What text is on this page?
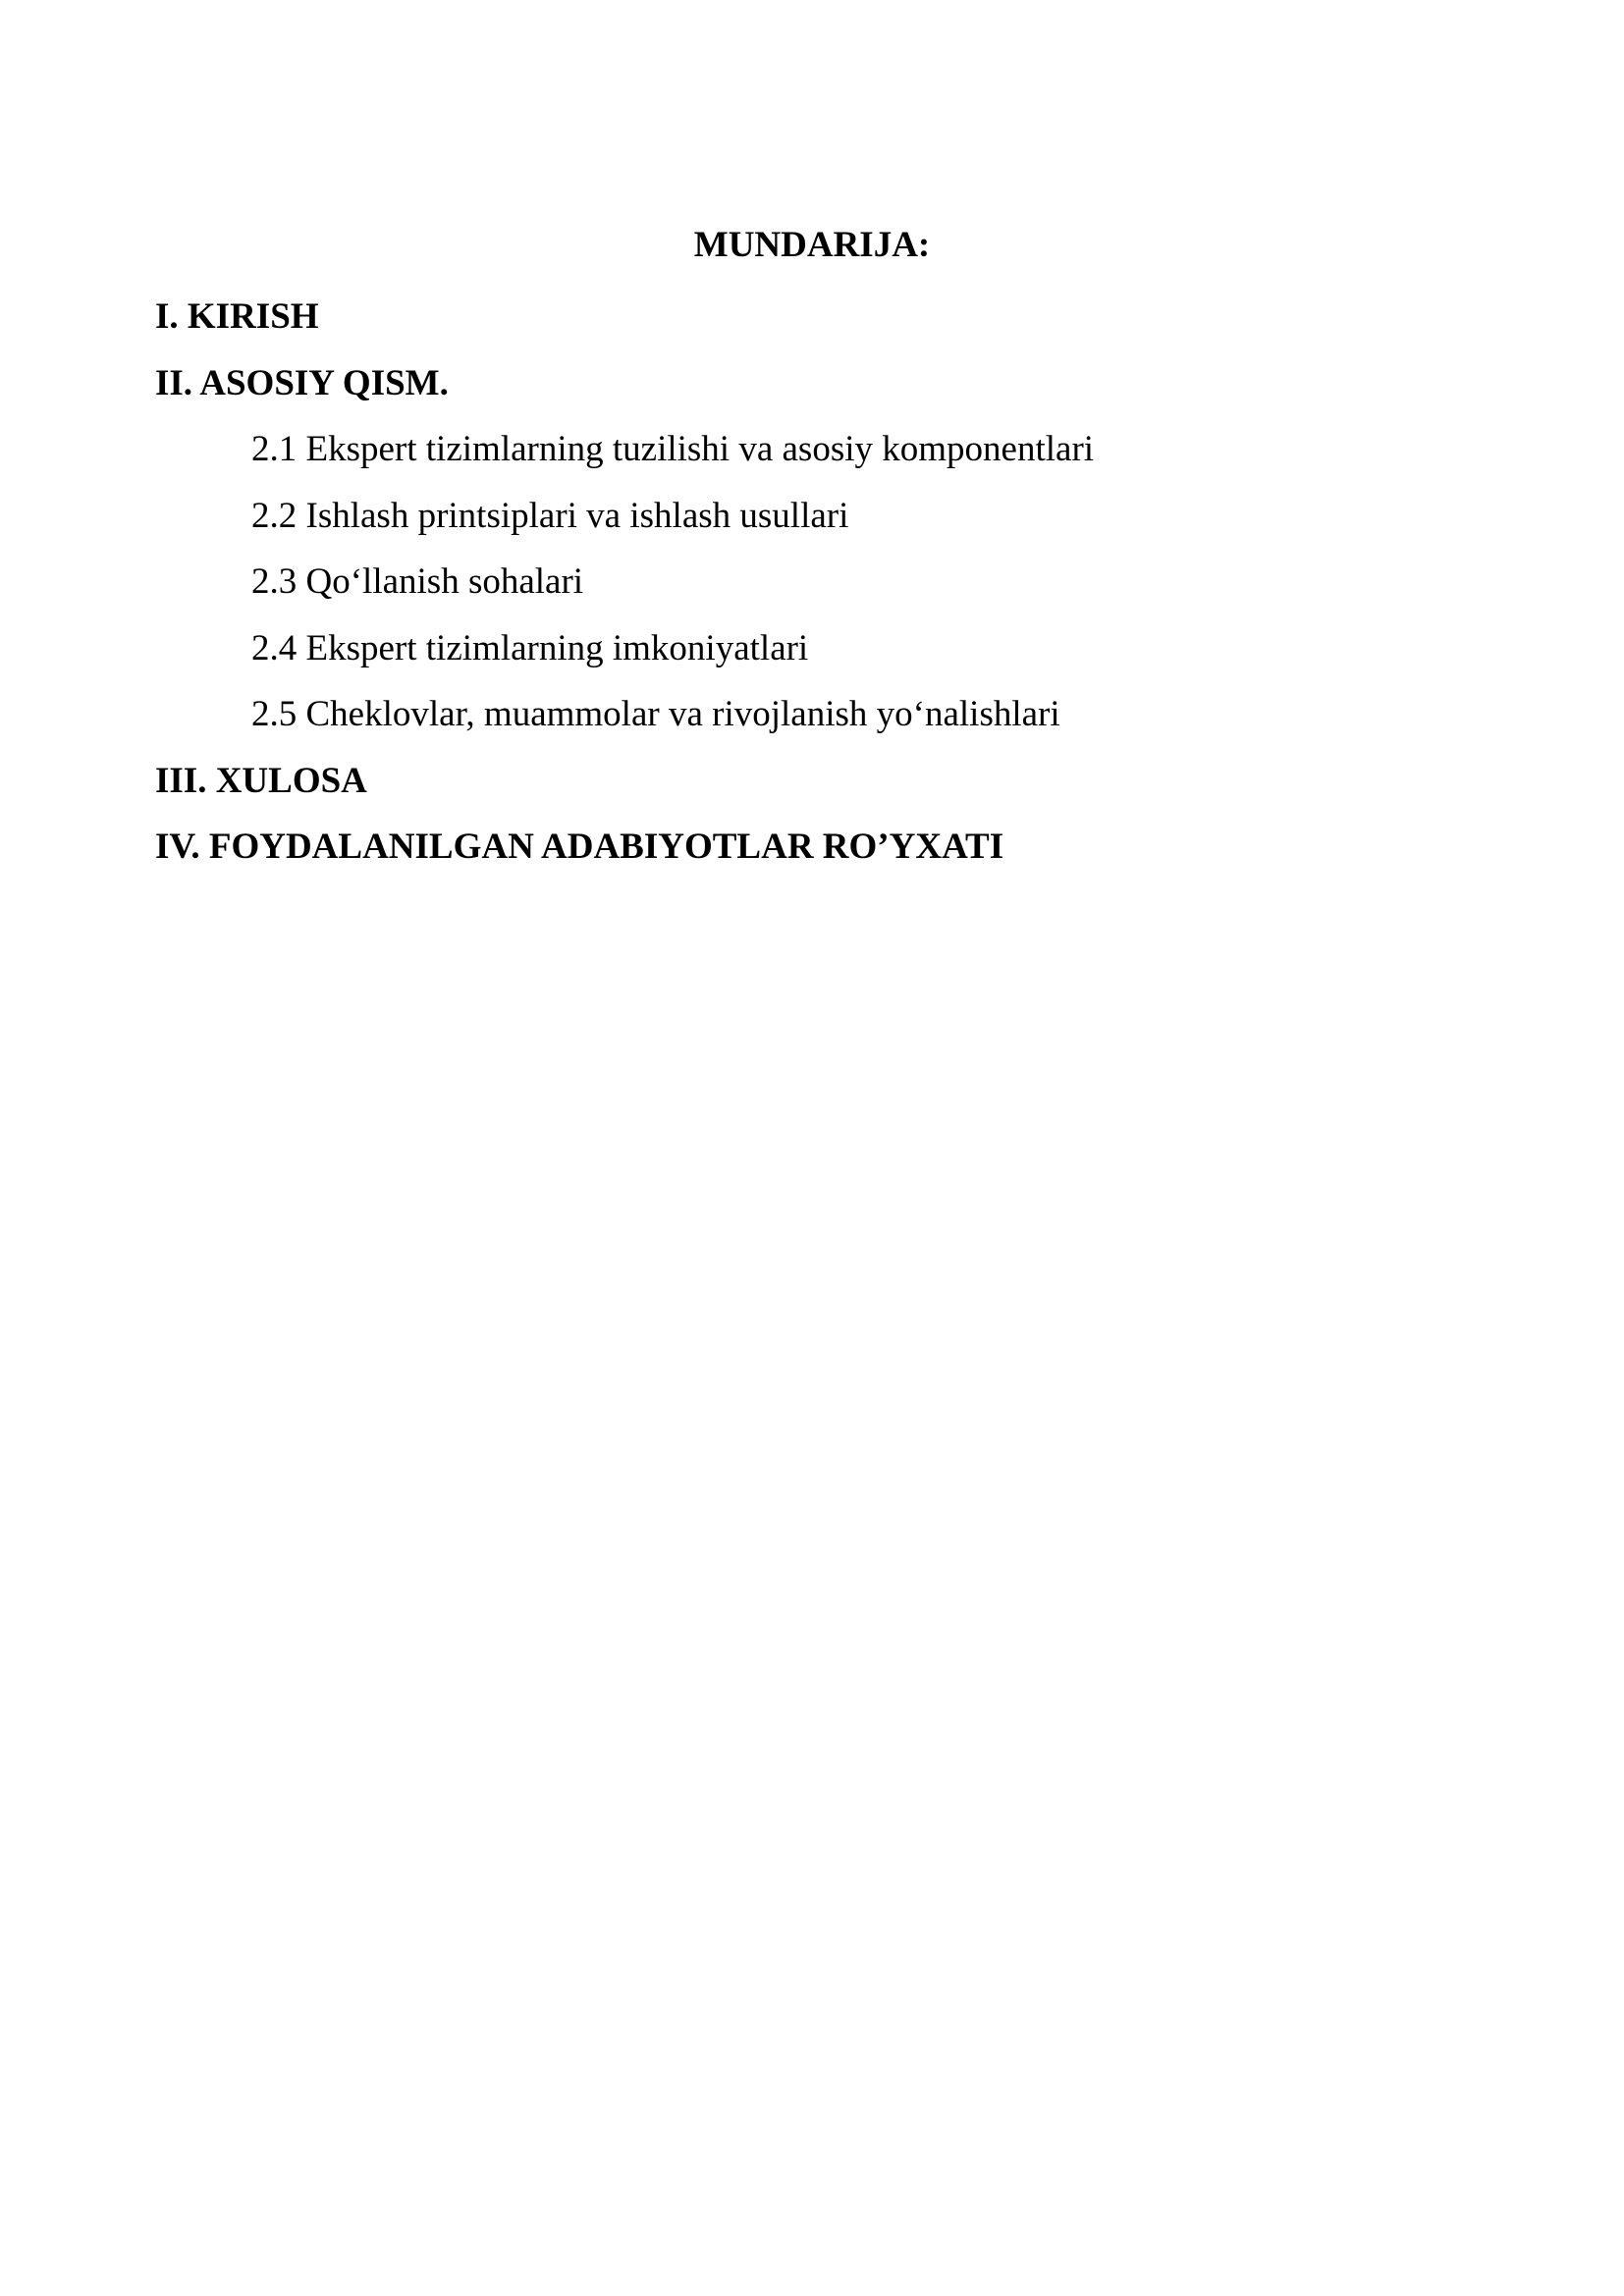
MUNDARIJA:
I. KIRISH
II. ASOSIY QISM.
2.1 Ekspert tizimlarning tuzilishi va asosiy komponentlari
2.2 Ishlash printsiplari va ishlash usullari
2.3 Qo‘llanish sohalari
2.4 Ekspert tizimlarning imkoniyatlari
2.5 Cheklovlar, muammolar va rivojlanish yo‘nalishlari
III. XULOSA
IV. FOYDALANILGAN ADABIYOTLAR RO’YXATI
